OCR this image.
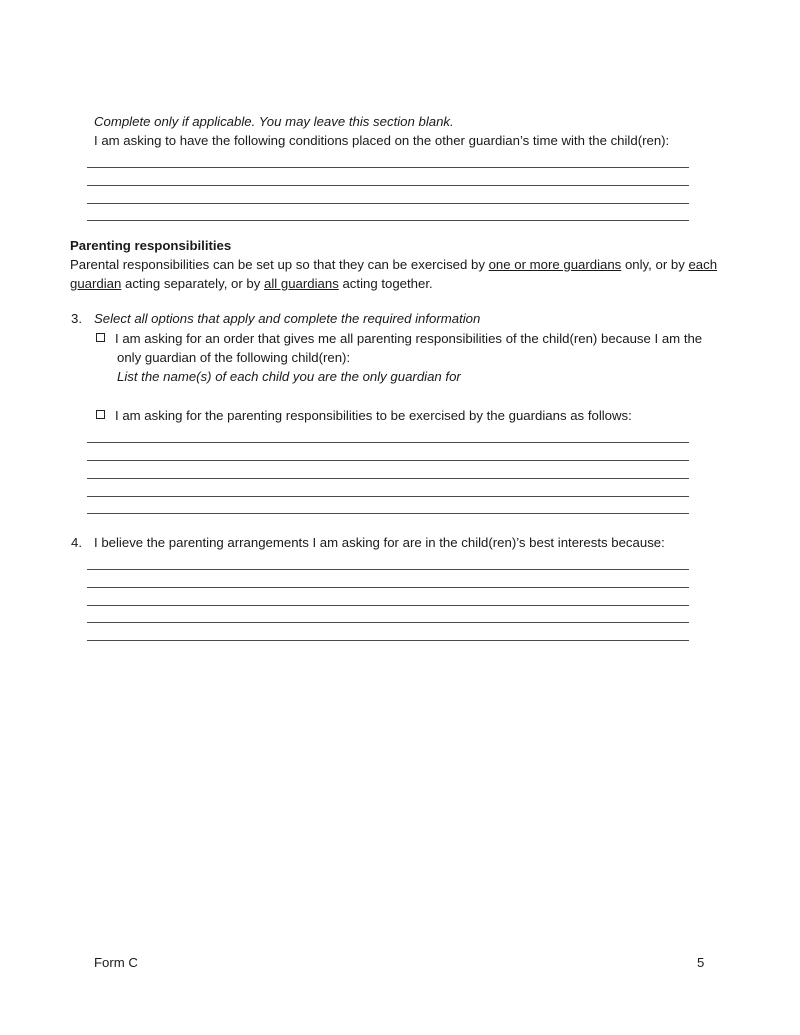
Complete only if applicable. You may leave this section blank.
I am asking to have the following conditions placed on the other guardian’s time with the child(ren):
Parenting responsibilities
Parental responsibilities can be set up so that they can be exercised by one or more guardians only, or by each
guardian acting separately, or by all guardians acting together.
3. Select all options that apply and complete the required information
I am asking for an order that gives me all parenting responsibilities of the child(ren) because I am the
only guardian of the following child(ren):
List the name(s) of each child you are the only guardian for
I am asking for the parenting responsibilities to be exercised by the guardians as follows:
4. I believe the parenting arrangements I am asking for are in the child(ren)’s best interests because:
Form C	5
